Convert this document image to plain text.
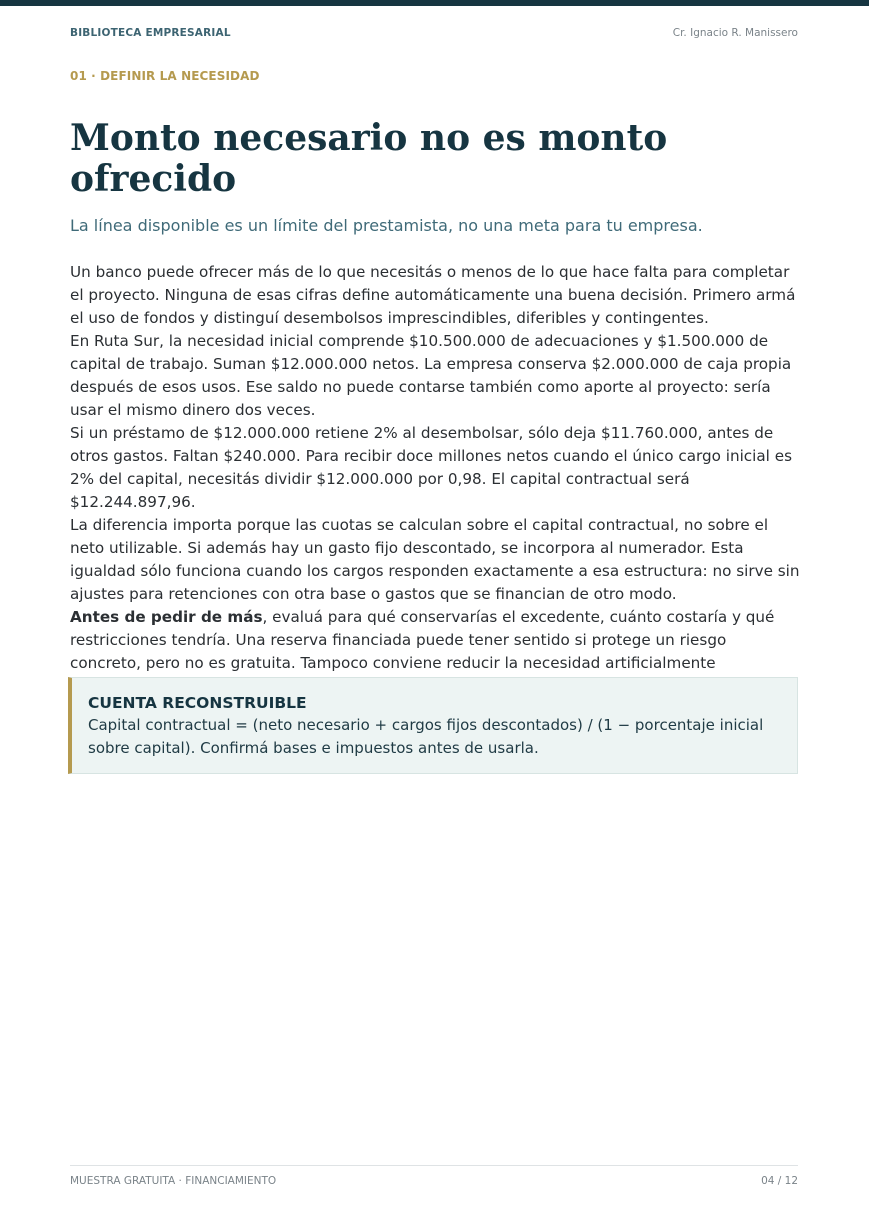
BIBLIOTECA EMPRESARIAL	Cr. Ignacio R. Manissero
01 · DEFINIR LA NECESIDAD
Monto necesario no es monto ofrecido

La línea disponible es un límite del prestamista, no una meta para tu empresa.

Un banco puede ofrecer más de lo que necesitás o menos de lo que hace falta para completar el proyecto. Ninguna de esas cifras define automáticamente una buena decisión. Primero armá el uso de fondos y distinguí desembolsos imprescindibles, diferibles y contingentes.

En Ruta Sur, la necesidad inicial comprende $10.500.000 de adecuaciones y $1.500.000 de capital de trabajo. Suman $12.000.000 netos. La empresa conserva $2.000.000 de caja propia después de esos usos. Ese saldo no puede contarse también como aporte al proyecto: sería usar el mismo dinero dos veces.

Si un préstamo de $12.000.000 retiene 2% al desembolsar, sólo deja $11.760.000, antes de otros gastos. Faltan $240.000. Para recibir doce millones netos cuando el único cargo inicial es 2% del capital, necesitás dividir $12.000.000 por 0,98. El capital contractual será $12.244.897,96.

La diferencia importa porque las cuotas se calculan sobre el capital contractual, no sobre el neto utilizable. Si además hay un gasto fijo descontado, se incorpora al numerador. Esta igualdad sólo funciona cuando los cargos responden exactamente a esa estructura: no sirve sin ajustes para retenciones con otra base o gastos que se financian de otro modo.

Antes de pedir de más, evaluá para qué conservarías el excedente, cuánto costaría y qué restricciones tendría. Una reserva financiada puede tener sentido si protege un riesgo concreto, pero no es gratuita. Tampoco conviene reducir la necesidad artificialmente

CUENTA RECONSTRUIBLE
Capital contractual = (neto necesario + cargos fijos descontados) / (1 − porcentaje inicial sobre capital). Confirmá bases e impuestos antes de usarla.
MUESTRA GRATUITA · FINANCIAMIENTO	04 / 12
